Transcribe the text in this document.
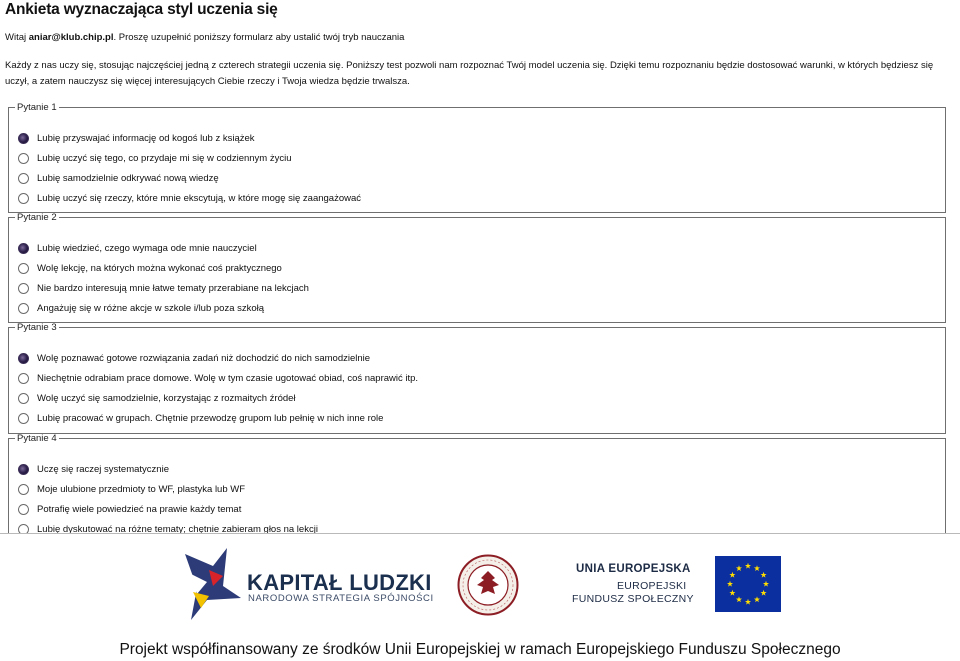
Ankieta wyznaczająca styl uczenia się
Witaj aniar@klub.chip.pl. Proszę uzupełnić poniższy formularz aby ustalić twój tryb nauczania
Każdy z nas uczy się, stosując najczęściej jedną z czterech strategii uczenia się. Poniższy test pozwoli nam rozpoznać Twój model uczenia się. Dzięki temu rozpoznaniu będzie dostosować warunki, w których będziesz się uczył, a zatem nauczysz się więcej interesujących Ciebie rzeczy i Twoja wiedza będzie trwalsza.
Pytanie 1
Lubię przyswajać informację od kogoś lub z książek
Lubię uczyć się tego, co przydaje mi się w codziennym życiu
Lubię samodzielnie odkrywać nową wiedzę
Lubię uczyć się rzeczy, które mnie ekscytują, w które mogę się zaangażować
Pytanie 2
Lubię wiedzieć, czego wymaga ode mnie nauczyciel
Wolę lekcję, na których można wykonać coś praktycznego
Nie bardzo interesują mnie łatwe tematy przerabiane na lekcjach
Angażuję się w różne akcje w szkole i/lub poza szkołą
Pytanie 3
Wolę poznawać gotowe rozwiązania zadań niż dochodzić do nich samodzielnie
Niechętnie odrabiam prace domowe. Wolę w tym czasie ugotować obiad, coś naprawić itp.
Wolę uczyć się samodzielnie, korzystając z rozmaitych źródeł
Lubię pracować w grupach. Chętnie przewodzę grupom lub pełnię w nich inne role
Pytanie 4
Uczę się raczej systematycznie
Moje ulubione przedmioty to WF, plastyka lub WF
Potrafię wiele powiedzieć na prawie każdy temat
Lubię dyskutować na różne tematy; chętnie zabieram głos na lekcji
KAPITAŁ LUDZKI
NARODOWA STRATEGIA SPÓJNOŚCI
UNIA EUROPEJSKA
EUROPEJSKI
FUNDUSZ SPOŁECZNY
Projekt współfinansowany ze środków Unii Europejskiej w ramach Europejskiego Funduszu Społecznego
